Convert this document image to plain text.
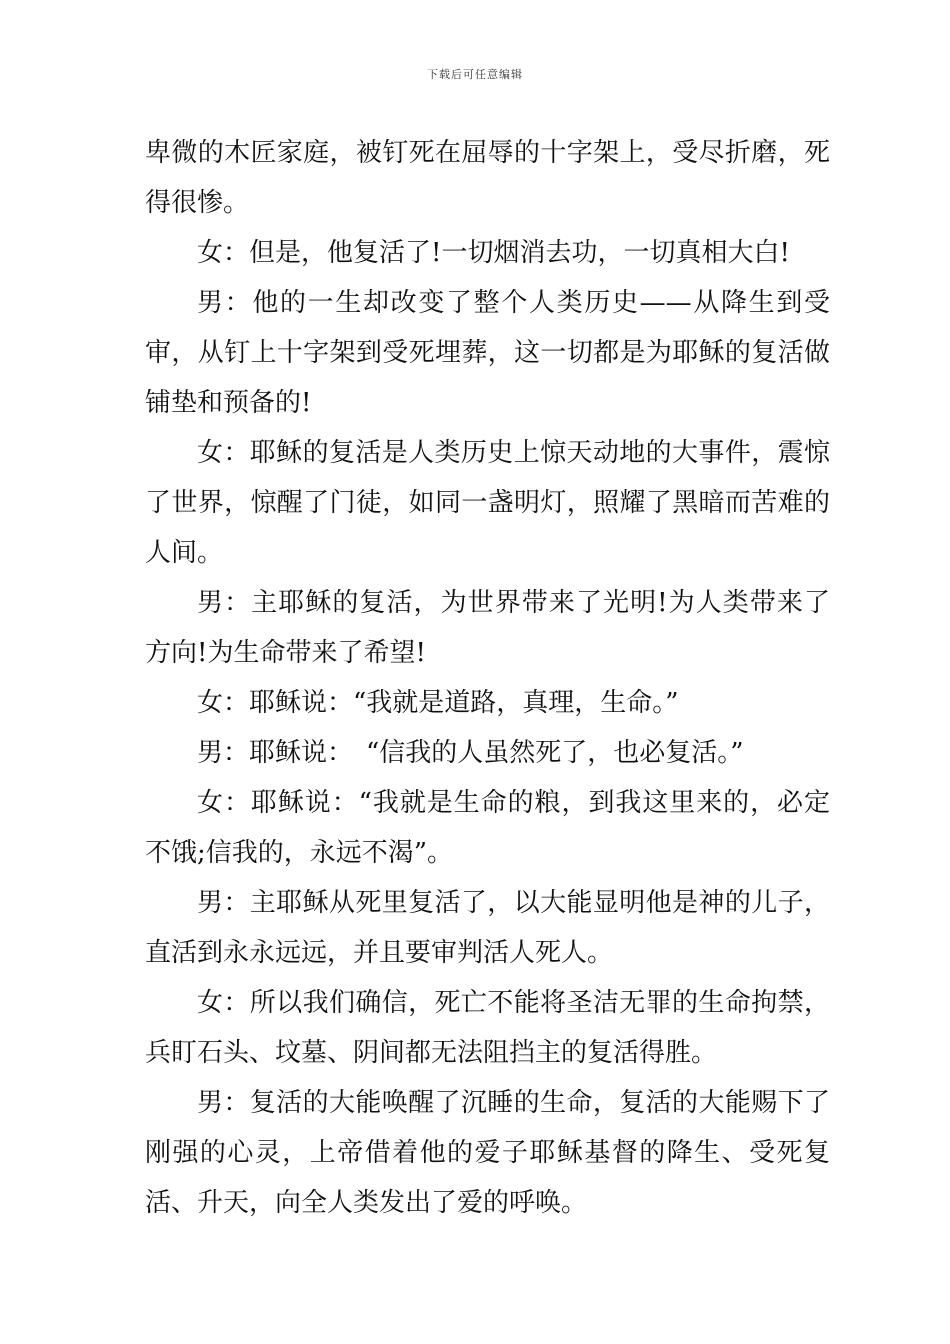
下载后可任意编辑

卑微的木匠家庭，被钉死在屈辱的十字架上，受尽折磨，死得很惨。

女：但是，他复活了!一切烟消去功，一切真相大白!

男：他的一生却改变了整个人类历史——从降生到受审，从钉上十字架到受死埋葬，这一切都是为耶稣的复活做铺垫和预备的!

女：耶稣的复活是人类历史上惊天动地的大事件，震惊了世界，惊醒了门徒，如同一盏明灯，照耀了黑暗而苦难的人间。

男：主耶稣的复活，为世界带来了光明!为人类带来了方向!为生命带来了希望!

女：耶稣说：“我就是道路，真理，生命。”

男：耶稣说：　“信我的人虽然死了，也必复活。”

女：耶稣说：“我就是生命的粮，到我这里来的，必定不饿;信我的，永远不渴”。

男：主耶稣从死里复活了，以大能显明他是神的儿子，直活到永永远远，并且要审判活人死人。

女：所以我们确信，死亡不能将圣洁无罪的生命拘禁，兵盯石头、坟墓、阴间都无法阻挡主的复活得胜。

男：复活的大能唤醒了沉睡的生命，复活的大能赐下了刚强的心灵，上帝借着他的爱子耶稣基督的降生、受死复活、升天，向全人类发出了爱的呼唤。
